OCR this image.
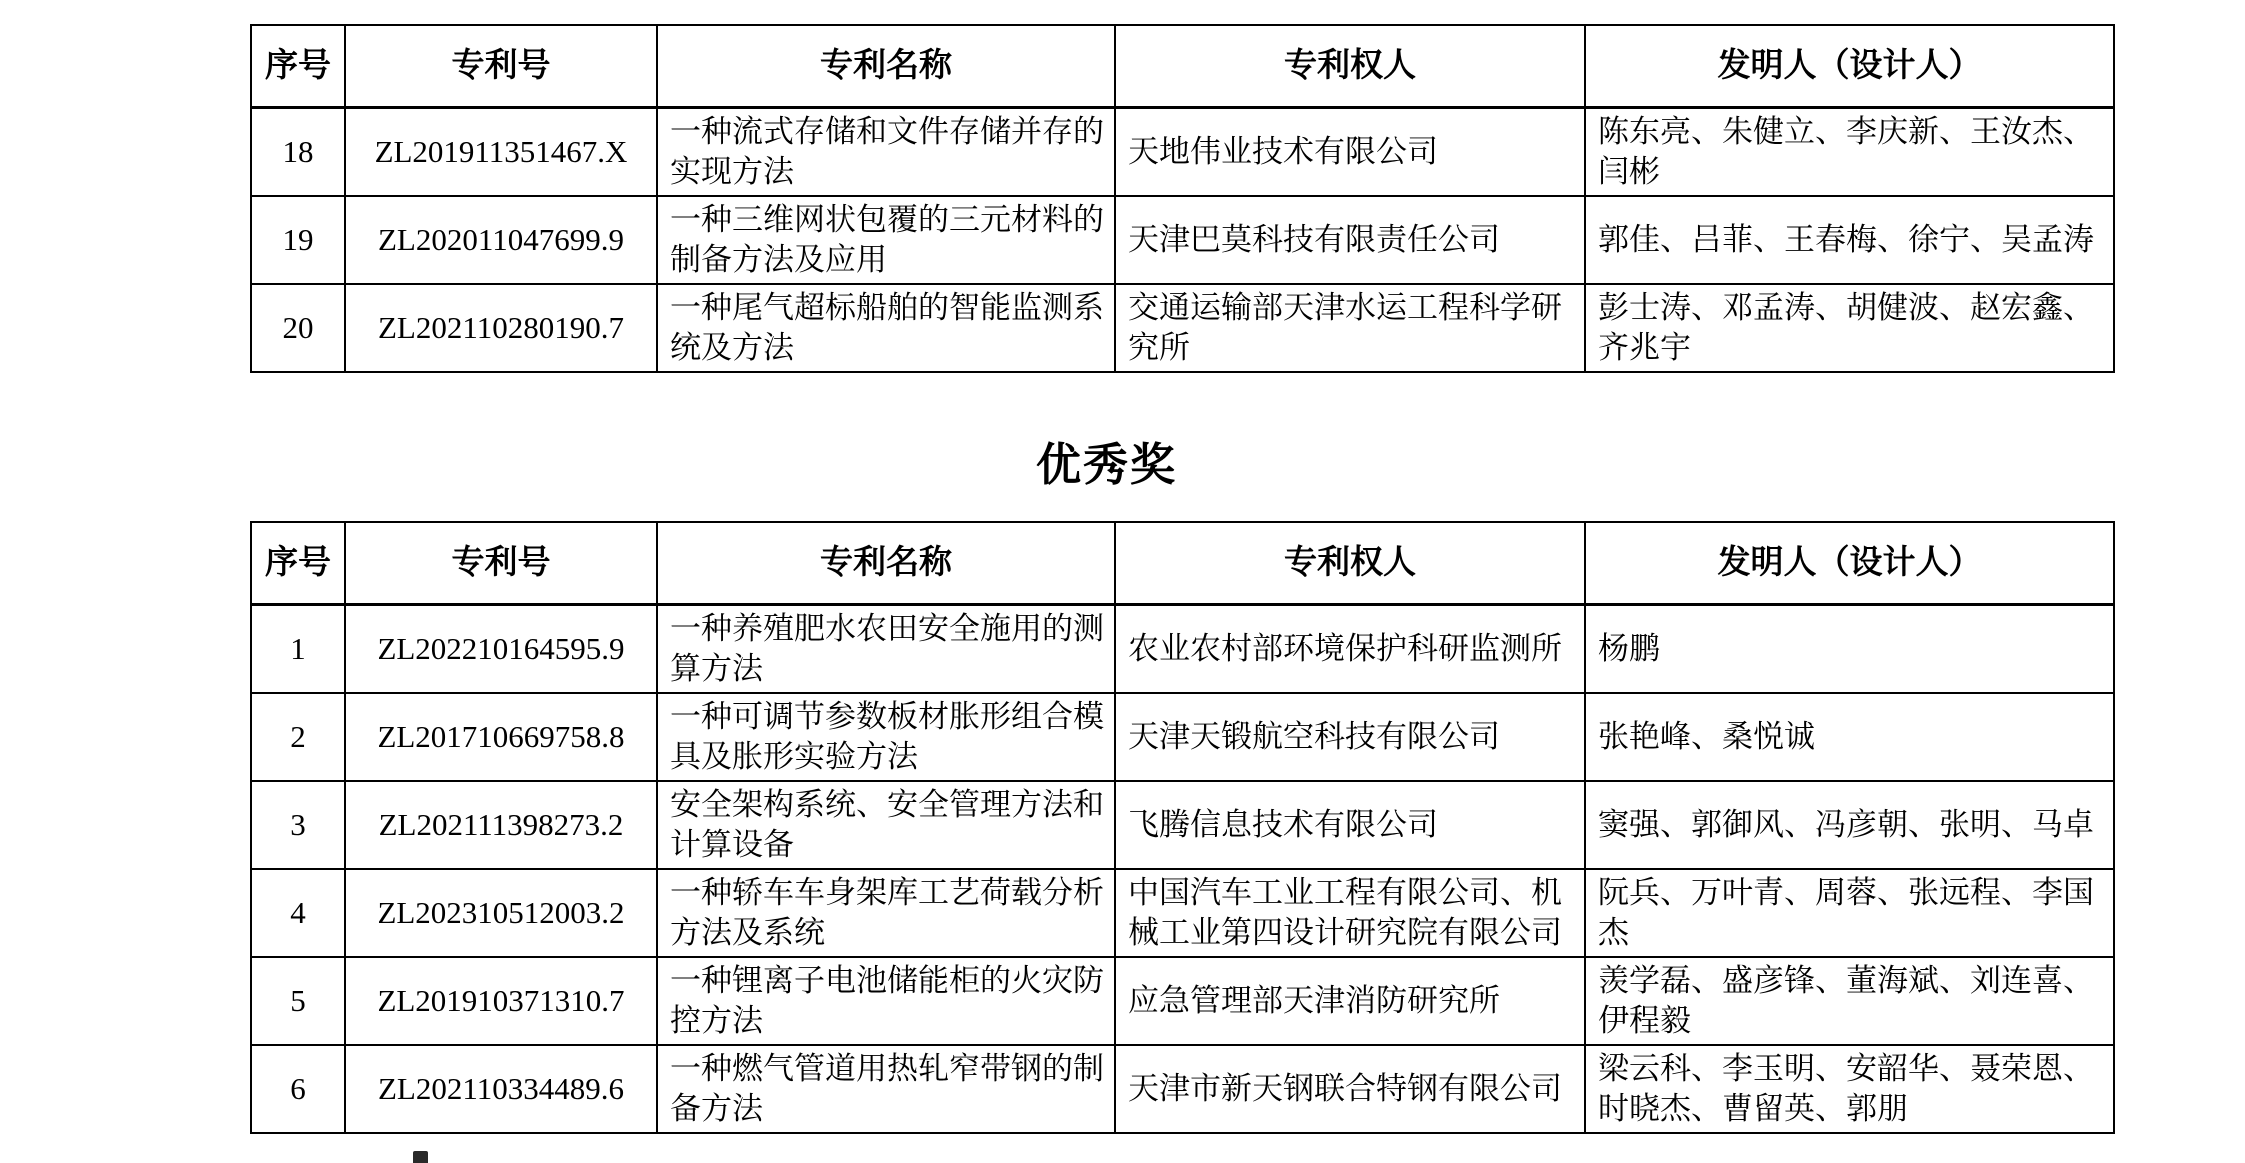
序号	专利号	专利名称	专利权人	发明人（设计人）
18	ZL201911351467.X	一种流式存储和文件存储并存的实现方法	天地伟业技术有限公司	陈东亮、朱健立、李庆新、王汝杰、闫彬
19	ZL202011047699.9	一种三维网状包覆的三元材料的制备方法及应用	天津巴莫科技有限责任公司	郭佳、吕菲、王春梅、徐宁、吴孟涛
20	ZL202110280190.7	一种尾气超标船舶的智能监测系统及方法	交通运输部天津水运工程科学研究所	彭士涛、邓孟涛、胡健波、赵宏鑫、齐兆宇
优秀奖
序号	专利号	专利名称	专利权人	发明人（设计人）
1	ZL202210164595.9	一种养殖肥水农田安全施用的测算方法	农业农村部环境保护科研监测所	杨鹏
2	ZL201710669758.8	一种可调节参数板材胀形组合模具及胀形实验方法	天津天锻航空科技有限公司	张艳峰、桑悦诚
3	ZL202111398273.2	安全架构系统、安全管理方法和计算设备	飞腾信息技术有限公司	窦强、郭御风、冯彦朝、张明、马卓
4	ZL202310512003.2	一种轿车车身架库工艺荷载分析方法及系统	中国汽车工业工程有限公司、机械工业第四设计研究院有限公司	阮兵、万叶青、周蓉、张远程、李国杰
5	ZL201910371310.7	一种锂离子电池储能柜的火灾防控方法	应急管理部天津消防研究所	羡学磊、盛彦锋、董海斌、刘连喜、伊程毅
6	ZL202110334489.6	一种燃气管道用热轧窄带钢的制备方法	天津市新天钢联合特钢有限公司	梁云科、李玉明、安韶华、聂荣恩、时晓杰、曹留英、郭朋
